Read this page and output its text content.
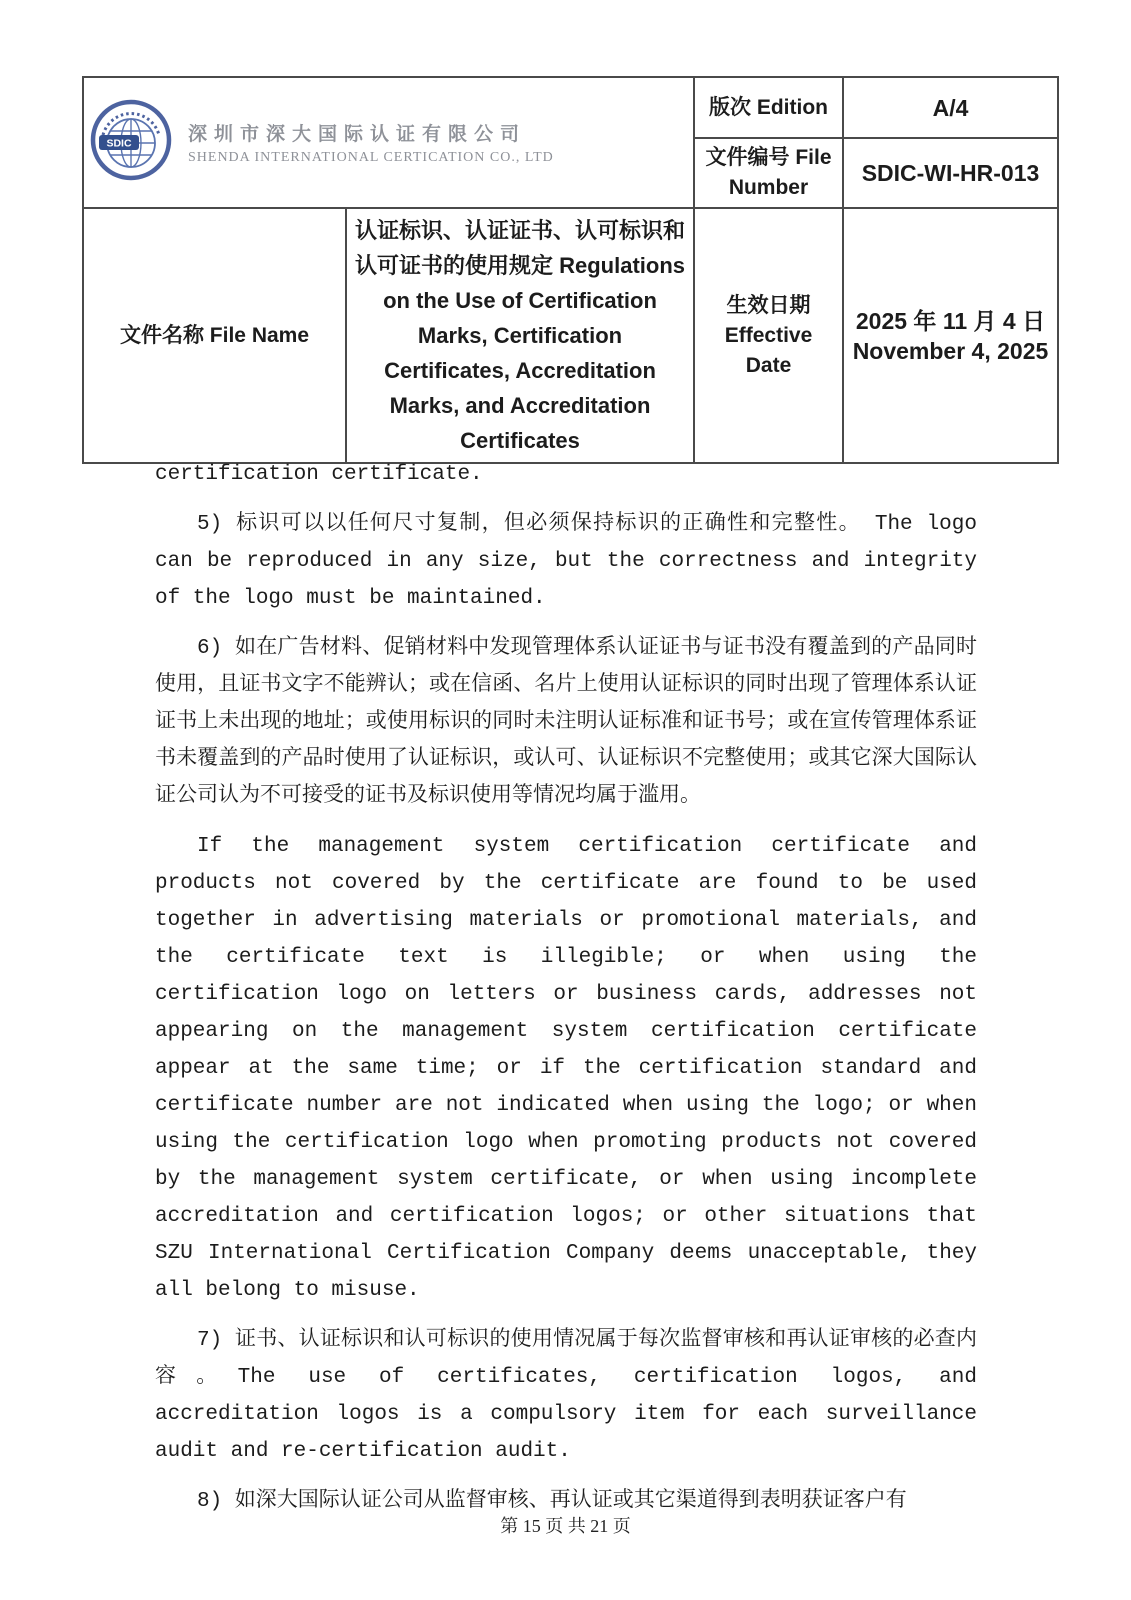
SDIC 深圳市深大国际认证有限公司
SHENDA INTERNATIONAL CERTICATION CO., LTD		版次 Edition	A/4
		文件编号 File Number	SDIC-WI-HR-013
文件名称 File Name	认证标识、认证证书、认可标识和认可证书的使用规定 Regulations on the Use of Certification Marks, Certification Certificates, Accreditation Marks, and Accreditation Certificates	生效日期 Effective Date	2025 年 11 月 4 日
November 4, 2025

certification certificate.

5) 标识可以以任何尺寸复制，但必须保持标识的正确性和完整性。 The logo can be reproduced in any size, but the correctness and integrity of the logo must be maintained.

6) 如在广告材料、促销材料中发现管理体系认证证书与证书没有覆盖到的产品同时使用，且证书文字不能辨认；或在信函、名片上使用认证标识的同时出现了管理体系认证证书上未出现的地址；或使用标识的同时未注明认证标准和证书号；或在宣传管理体系证书未覆盖到的产品时使用了认证标识，或认可、认证标识不完整使用；或其它深大国际认证公司认为不可接受的证书及标识使用等情况均属于滥用。

If the management system certification certificate and products not covered by the certificate are found to be used together in advertising materials or promotional materials, and the certificate text is illegible; or when using the certification logo on letters or business cards, addresses not appearing on the management system certification certificate appear at the same time; or if the certification standard and certificate number are not indicated when using the logo; or when using the certification logo when promoting products not covered by the management system certificate, or when using incomplete accreditation and certification logos; or other situations that SZU International Certification Company deems unacceptable, they all belong to misuse.

7) 证书、认证标识和认可标识的使用情况属于每次监督审核和再认证审核的必查内容。The use of certificates, certification logos, and accreditation logos is a compulsory item for each surveillance audit and re-certification audit.

8) 如深大国际认证公司从监督审核、再认证或其它渠道得到表明获证客户有

第 15 页 共 21 页
